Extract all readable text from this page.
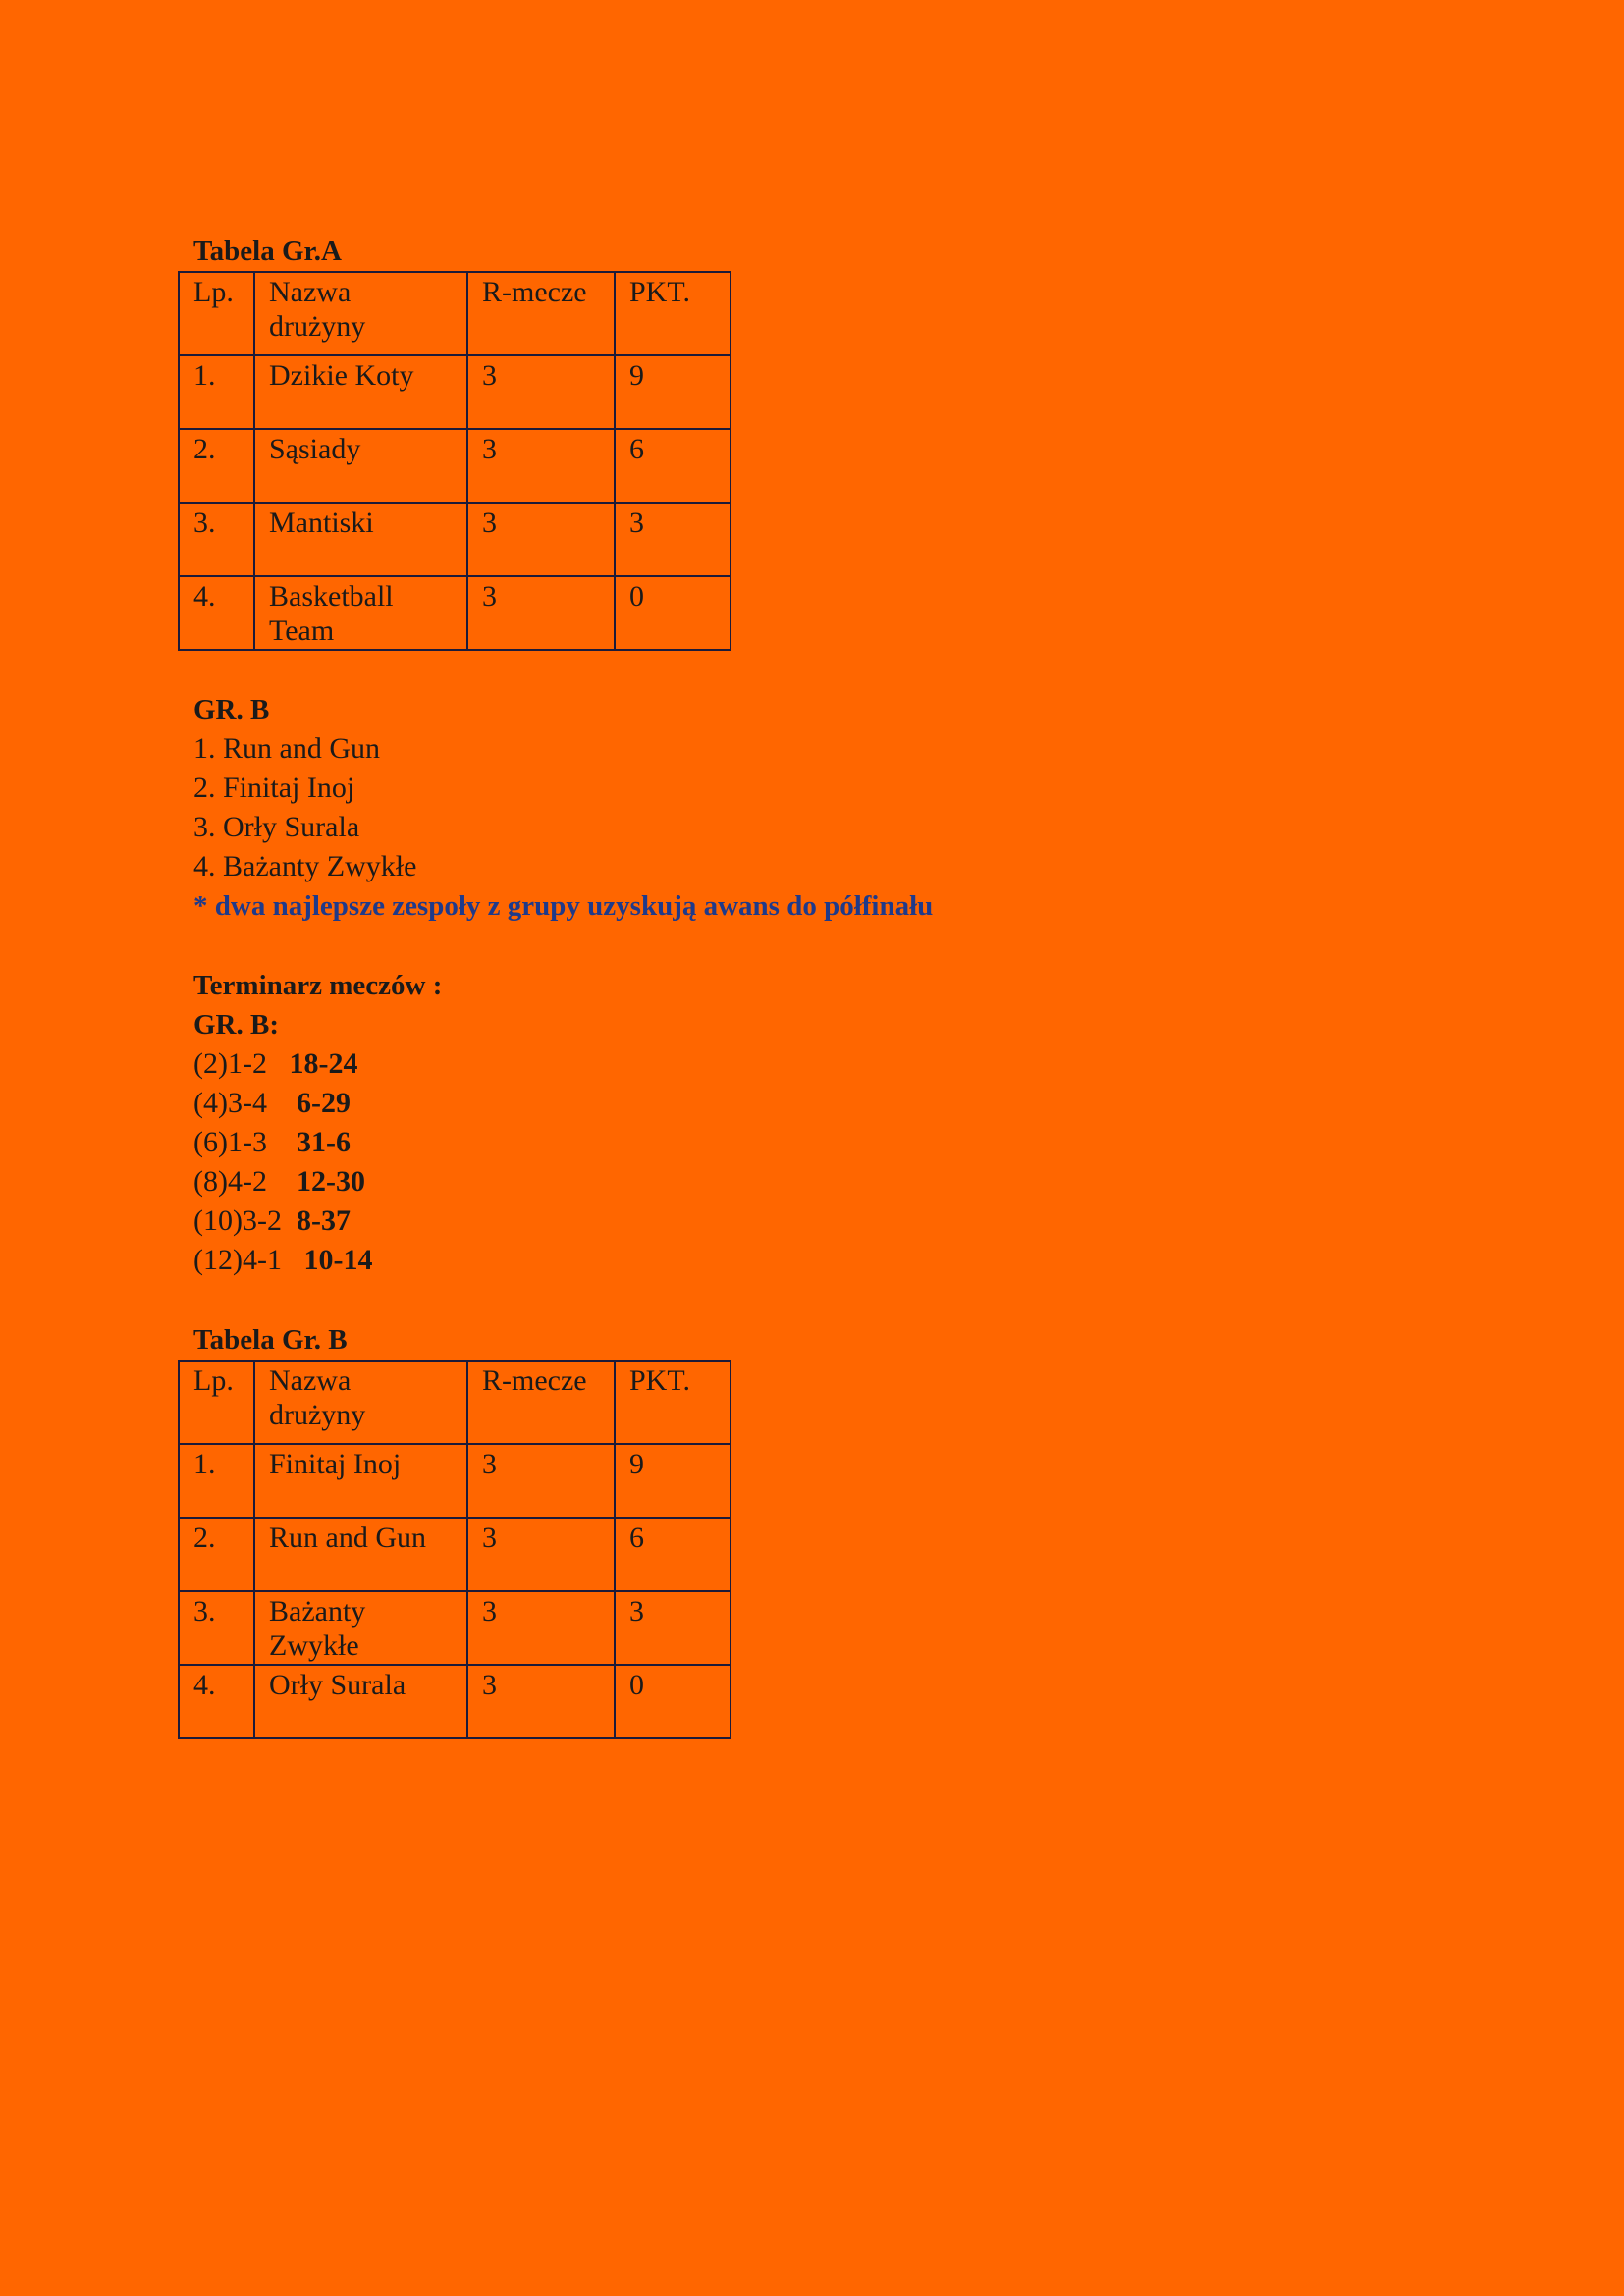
Tabela Gr.A

Lp.	Nazwa drużyny	R-mecze	PKT.
1.	Dzikie Koty	3	9
2.	Sąsiady	3	6
3.	Mantiski	3	3
4.	Basketball Team	3	0

GR. B

1. Run and Gun

2. Finitaj Inoj

3. Orły Surala

4. Bażanty Zwykłe

* dwa najlepsze zespoły z grupy uzyskują awans do półfinału

Terminarz meczów :

GR. B:

(2)1-2   18-24

(4)3-4    6-29

(6)1-3    31-6

(8)4-2    12-30

(10)3-2  8-37

(12)4-1   10-14

Tabela Gr. B

Lp.	Nazwa drużyny	R-mecze	PKT.
1.	Finitaj Inoj	3	9
2.	Run and Gun	3	6
3.	Bażanty Zwykłe	3	3
4.	Orły Surala	3	0
